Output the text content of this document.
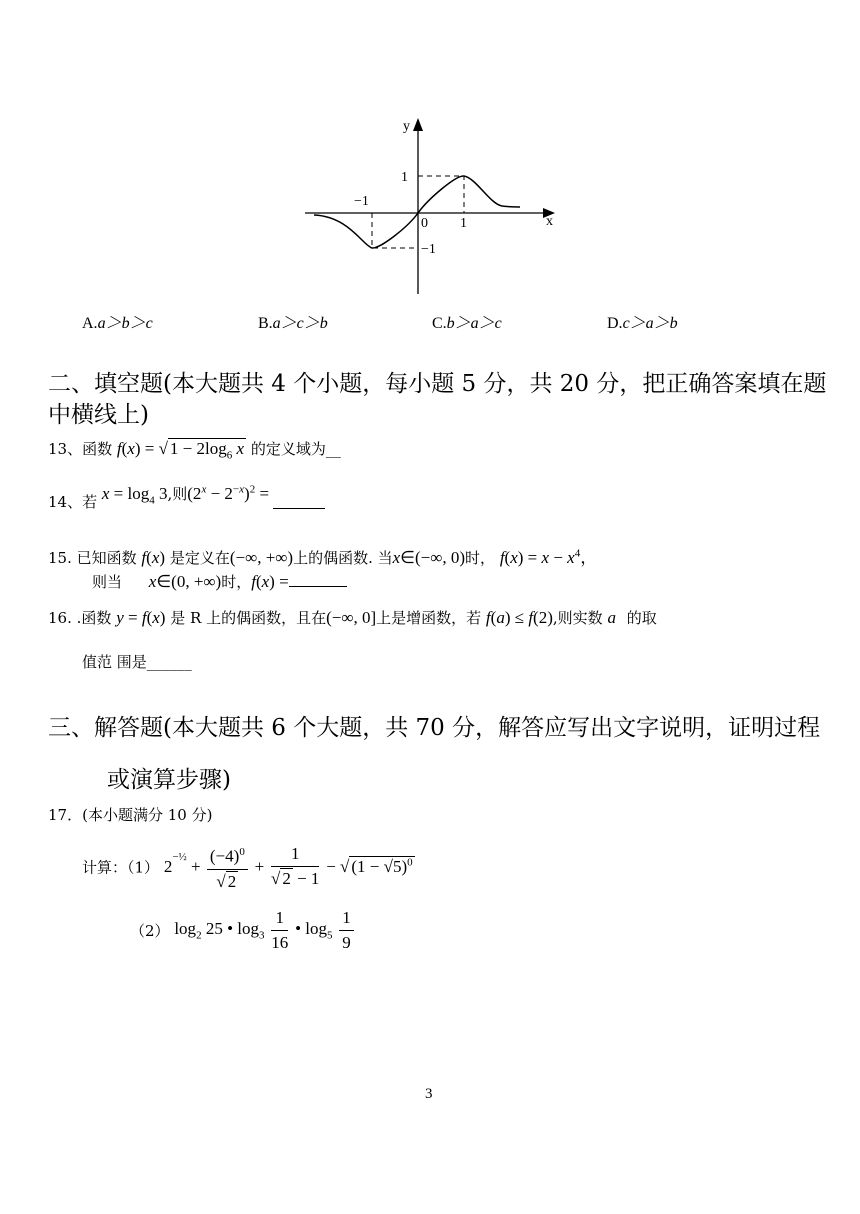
y
x
1
−1
0 1
−1
A.a＞b＞c	B.a＞c＞b	C.b＞a＞c	D.c＞a＞b
二、填空题(本大题共 4 个小题，每小题 5 分，共 20 分，把正确答案填在题
中横线上)
13、函数 f(x) = √ $1 - 2\log_6$ x 的定义域为__
14、若 $x = \log_4 3$,则$(2^x - 2^{-x})^2$ =
15. 已知函数 f(x) 是定义在(−∞, +∞)上的偶函数. 当x∈(−∞, 0)时， $f(x) = x - x^4$，
则当 x∈(0, +∞)时，f(x) =
16. .函数 y = f(x) 是 R 上的偶函数，且在(−∞, 0]上是增函数，若 f(a) ≤ f(2),则实数 a 的取
值范 围是______
三、解答题(本大题共 6 个大题，共 70 分，解答应写出文字说明，证明过程
或演算步骤)
17．(本小题满分 10 分)
计算：（1） $2^{-\frac{1}{2}} + \frac{(-4)^0}{√ 2} + \frac{1}{√ 2 - 1}$ − √ $(1 - √5)^0$
（2） $\log_2 25$ • $\log_3 \frac{1}{16}$ • $\log_5 \frac{1}{9}$
3
